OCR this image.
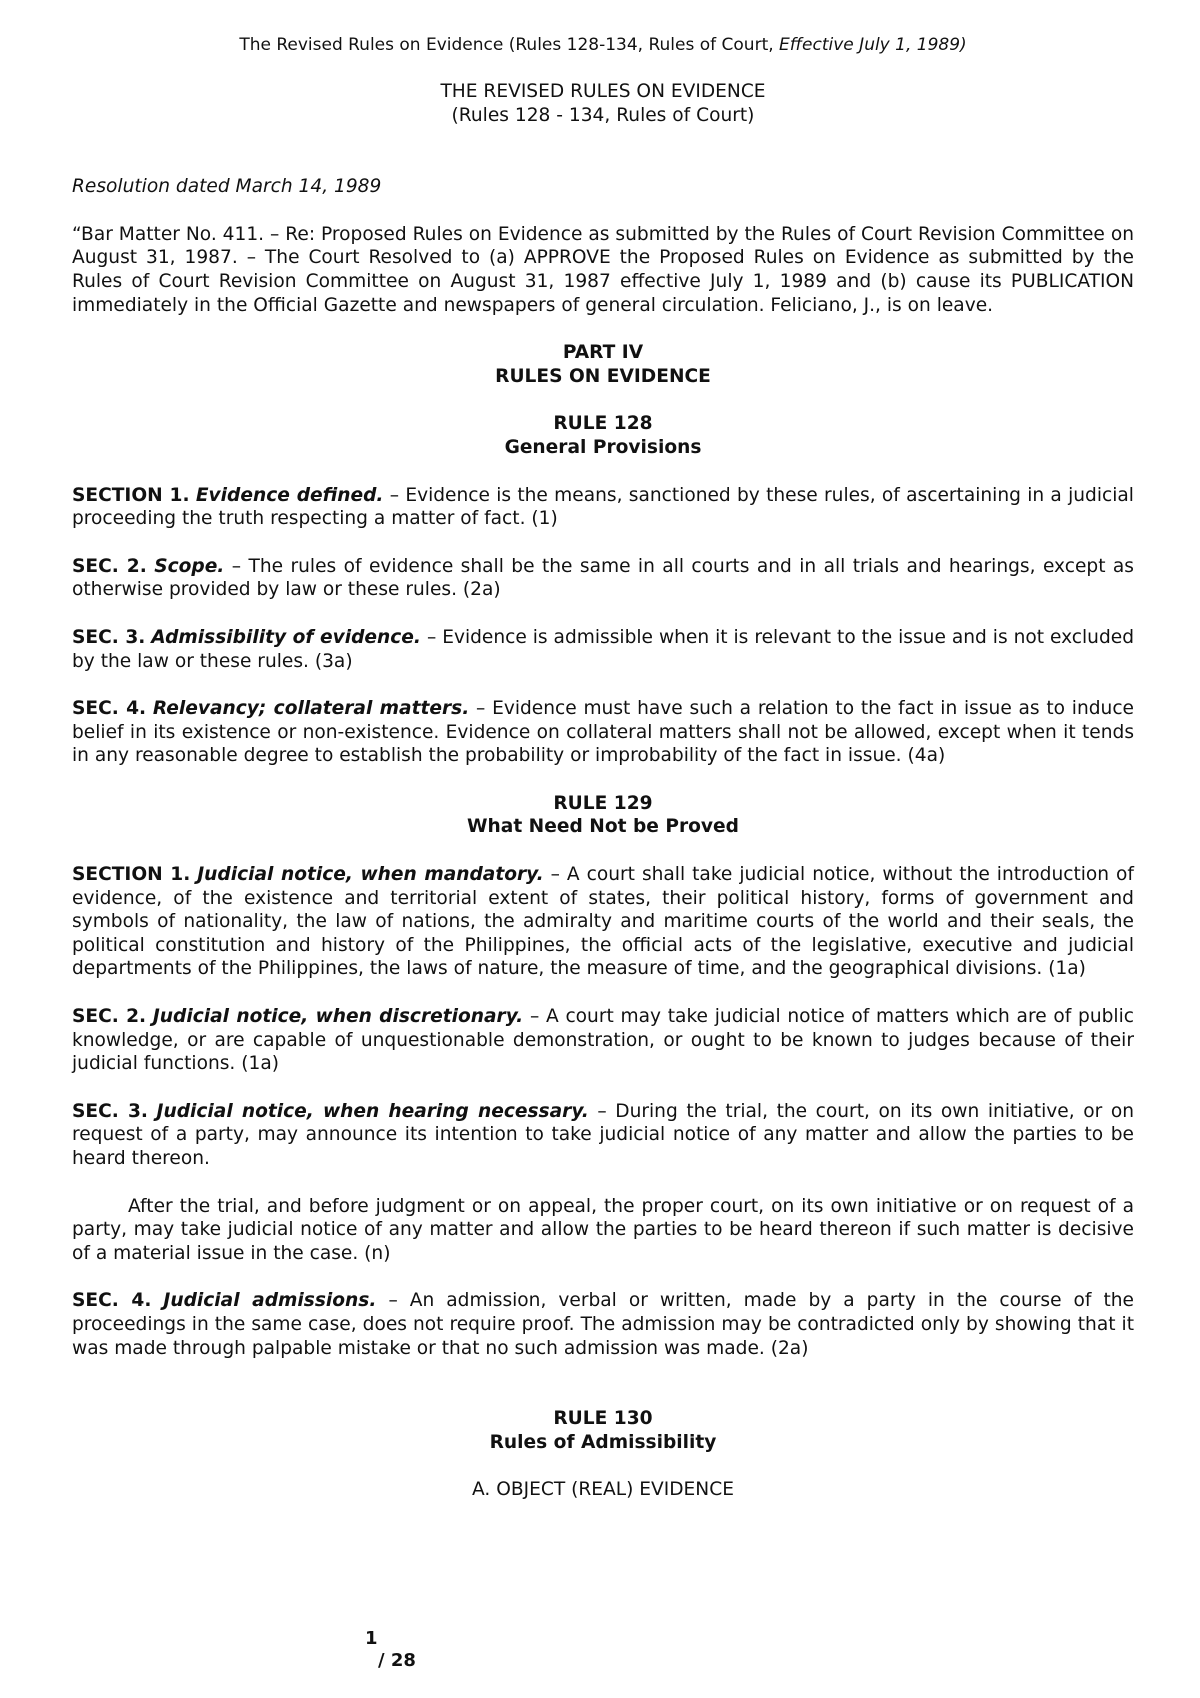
The Revised Rules on Evidence (Rules 128-134, Rules of Court, Effective July 1, 1989)
THE REVISED RULES ON EVIDENCE
(Rules 128 - 134, Rules of Court)
Resolution dated March 14, 1989

“Bar Matter No. 411. – Re: Proposed Rules on Evidence as submitted by the Rules of Court Revision Committee on August 31, 1987. – The Court Resolved to (a) APPROVE the Proposed Rules on Evidence as submitted by the Rules of Court Revision Committee on August 31, 1987 effective July 1, 1989 and (b) cause its PUBLICATION immediately in the Official Gazette and newspapers of general circulation. Feliciano, J., is on leave.

PART IV
RULES ON EVIDENCE
RULE 128
General Provisions

SECTION 1. Evidence defined. – Evidence is the means, sanctioned by these rules, of ascertaining in a judicial proceeding the truth respecting a matter of fact. (1)

SEC. 2. Scope. – The rules of evidence shall be the same in all courts and in all trials and hearings, except as otherwise provided by law or these rules. (2a)

SEC. 3. Admissibility of evidence. – Evidence is admissible when it is relevant to the issue and is not excluded by the law or these rules. (3a)

SEC. 4. Relevancy; collateral matters. – Evidence must have such a relation to the fact in issue as to induce belief in its existence or non-existence. Evidence on collateral matters shall not be allowed, except when it tends in any reasonable degree to establish the probability or improbability of the fact in issue. (4a)

RULE 129
What Need Not be Proved

SECTION 1. Judicial notice, when mandatory. – A court shall take judicial notice, without the introduction of evidence, of the existence and territorial extent of states, their political history, forms of government and symbols of nationality, the law of nations, the admiralty and maritime courts of the world and their seals, the political constitution and history of the Philippines, the official acts of the legislative, executive and judicial departments of the Philippines, the laws of nature, the measure of time, and the geographical divisions. (1a)

SEC. 2. Judicial notice, when discretionary. – A court may take judicial notice of matters which are of public knowledge, or are capable of unquestionable demonstration, or ought to be known to judges because of their judicial functions. (1a)

SEC. 3. Judicial notice, when hearing necessary. – During the trial, the court, on its own initiative, or on request of a party, may announce its intention to take judicial notice of any matter and allow the parties to be heard thereon.

After the trial, and before judgment or on appeal, the proper court, on its own initiative or on request of a party, may take judicial notice of any matter and allow the parties to be heard thereon if such matter is decisive of a material issue in the case. (n)

SEC. 4. Judicial admissions. – An admission, verbal or written, made by a party in the course of the proceedings in the same case, does not require proof. The admission may be contradicted only by showing that it was made through palpable mistake or that no such admission was made. (2a)

RULE 130
Rules of Admissibility
A. OBJECT (REAL) EVIDENCE
1
/ 28
